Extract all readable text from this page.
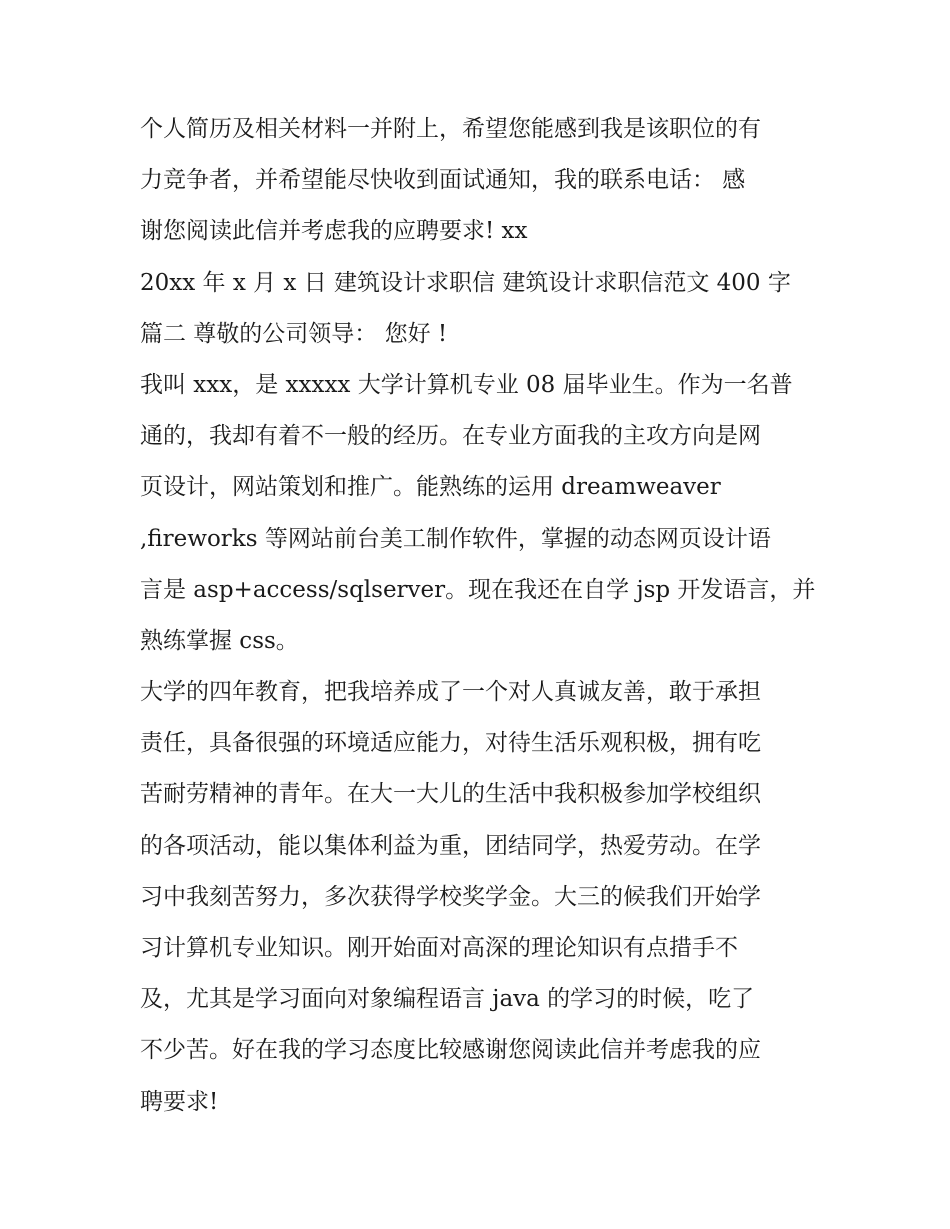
个人简历及相关材料一并附上，希望您能感到我是该职位的有
力竞争者，并希望能尽快收到面试通知，我的联系电话： 感
谢您阅读此信并考虑我的应聘要求! xx
20xx 年 x 月 x 日 建筑设计求职信 建筑设计求职信范文 400 字
篇二 尊敬的公司领导： 您好 !
我叫 xxx，是 xxxxx 大学计算机专业 08 届毕业生。作为一名普
通的，我却有着不一般的经历。在专业方面我的主攻方向是网
页设计，网站策划和推广。能熟练的运用 dreamweaver
,fireworks 等网站前台美工制作软件，掌握的动态网页设计语
言是 asp+access/sqlserver。现在我还在自学 jsp 开发语言，并
熟练掌握 css。
大学的四年教育，把我培养成了一个对人真诚友善，敢于承担
责任，具备很强的环境适应能力，对待生活乐观积极，拥有吃
苦耐劳精神的青年。在大一大儿的生活中我积极参加学校组织
的各项活动，能以集体利益为重，团结同学，热爱劳动。在学
习中我刻苦努力，多次获得学校奖学金。大三的候我们开始学
习计算机专业知识。刚开始面对高深的理论知识有点措手不
及，尤其是学习面向对象编程语言 java 的学习的时候，吃了
不少苦。好在我的学习态度比较感谢您阅读此信并考虑我的应
聘要求!
